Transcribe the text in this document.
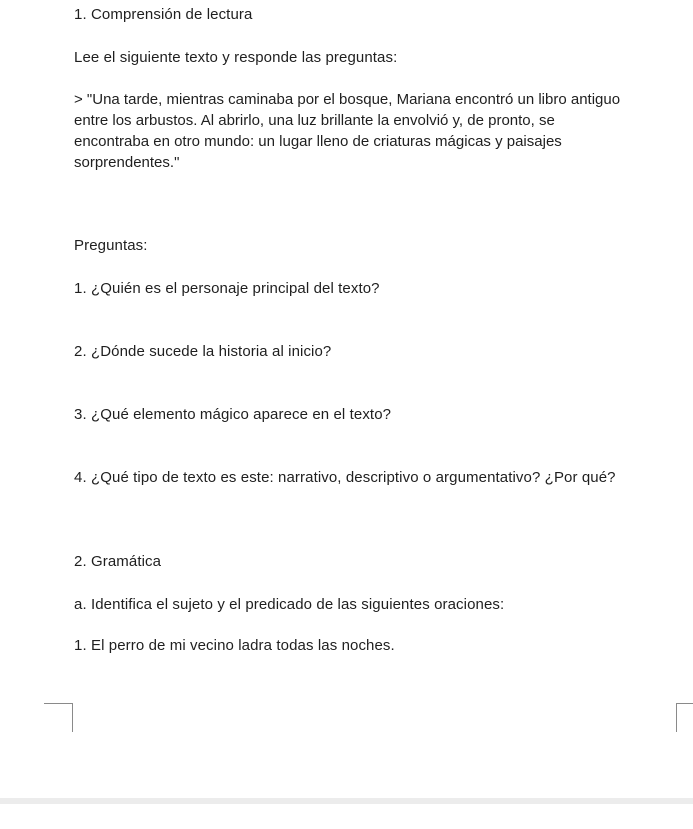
1. Comprensión de lectura
Lee el siguiente texto y responde las preguntas:
> "Una tarde, mientras caminaba por el bosque, Mariana encontró un libro antiguo
entre los arbustos. Al abrirlo, una luz brillante la envolvió y, de pronto, se
encontraba en otro mundo: un lugar lleno de criaturas mágicas y paisajes
sorprendentes."
Preguntas:
1. ¿Quién es el personaje principal del texto?
2. ¿Dónde sucede la historia al inicio?
3. ¿Qué elemento mágico aparece en el texto?
4. ¿Qué tipo de texto es este: narrativo, descriptivo o argumentativo? ¿Por qué?
2. Gramática
a. Identifica el sujeto y el predicado de las siguientes oraciones:
1. El perro de mi vecino ladra todas las noches.
